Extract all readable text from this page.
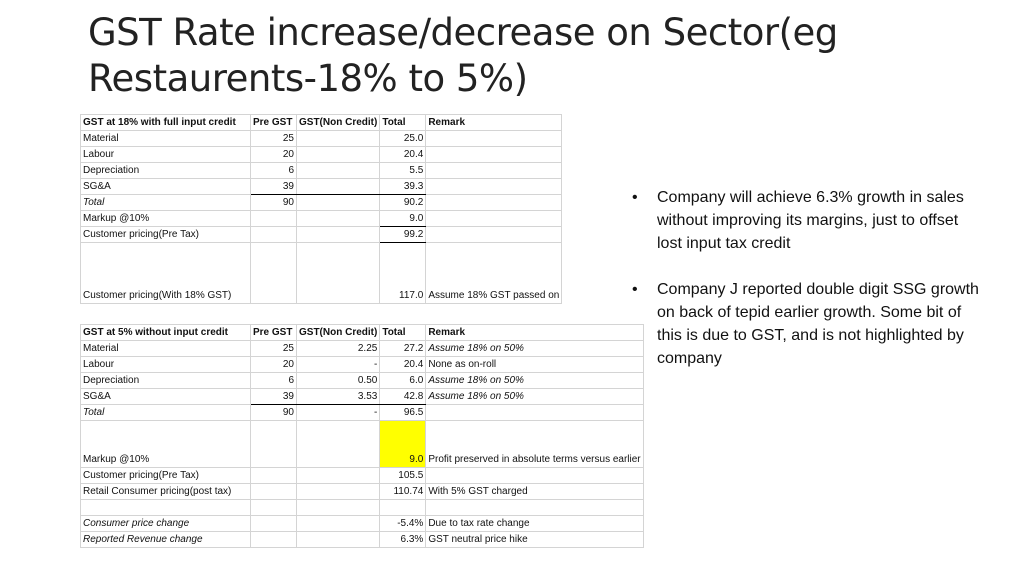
GST Rate increase/decrease on Sector(eg Restaurents-18% to 5%)
GST at 18% with full input credit	Pre GST	GST(Non Credit)	Total	Remark
Material	25		25.0	
Labour	20		20.4	
Depreciation	6		5.5	
SG&A	39		39.3	
Total	90		90.2	
Markup @10%			9.0	
Customer pricing(Pre Tax)			99.2	
Customer pricing(With 18% GST)			117.0	Assume 18% GST passed on
GST at 5% without input credit	Pre GST	GST(Non Credit)	Total	Remark
Material	25	2.25	27.2	Assume 18% on 50%
Labour	20	-	20.4	None as on-roll
Depreciation	6	0.50	6.0	Assume 18% on 50%
SG&A	39	3.53	42.8	Assume 18% on 50%
Total	90	-	96.5	
Markup @10%			9.0	Profit preserved in absolute terms versus earlier
Customer pricing(Pre Tax)			105.5	
Retail Consumer pricing(post tax)			110.74	With 5% GST charged

Consumer price change			-5.4%	Due to tax rate change
Reported Revenue change			6.3%	GST neutral price hike
• Company will achieve 6.3% growth in sales without improving its margins, just to offset lost input tax credit
• Company J reported double digit SSG growth on back of tepid earlier growth. Some bit of this is due to GST, and is not highlighted by company
